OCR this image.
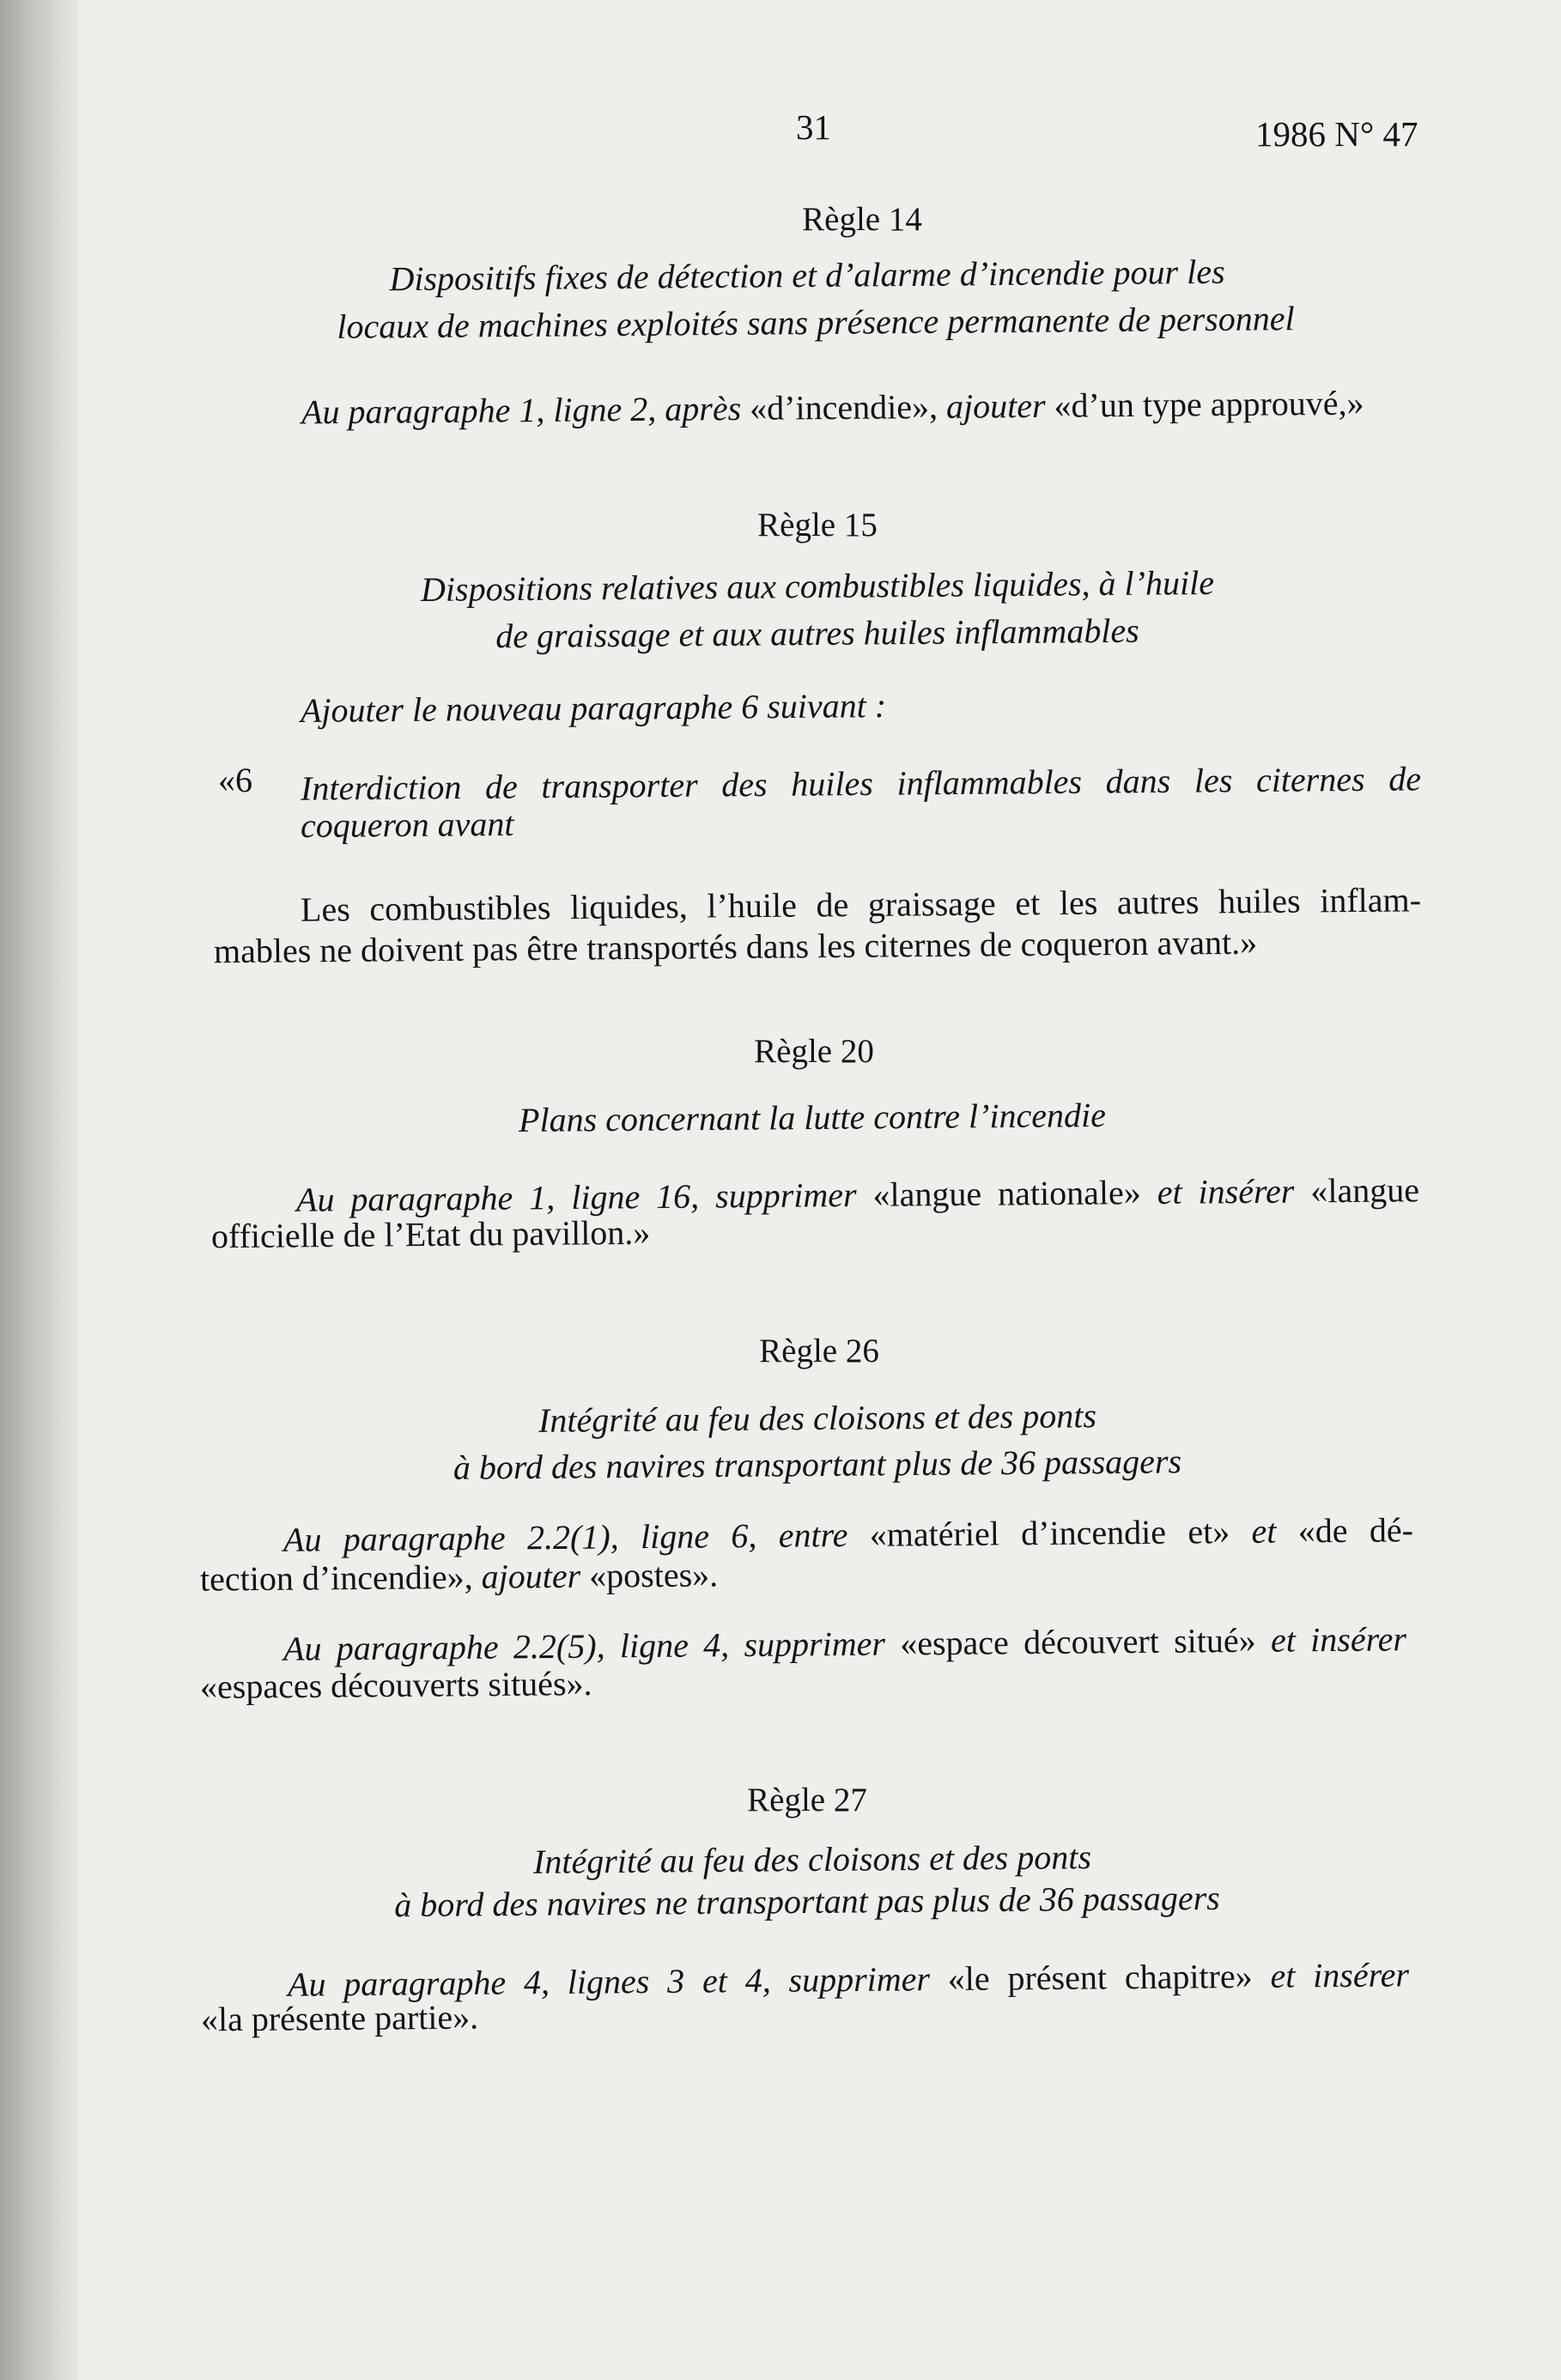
31	1986 N° 47
Règle 14
Dispositifs fixes de détection et d’alarme d’incendie pour les
locaux de machines exploités sans présence permanente de personnel
Au paragraphe 1, ligne 2, après «d’incendie», ajouter «d’un type approuvé,»
Règle 15
Dispositions relatives aux combustibles liquides, à l’huile
de graissage et aux autres huiles inflammables
Ajouter le nouveau paragraphe 6 suivant :
«6 Interdiction de transporter des huiles inflammables dans les citernes de
coqueron avant
Les combustibles liquides, l’huile de graissage et les autres huiles inflam-
mables ne doivent pas être transportés dans les citernes de coqueron avant.»
Règle 20
Plans concernant la lutte contre l’incendie
Au paragraphe 1, ligne 16, supprimer «langue nationale» et insérer «langue
officielle de l’Etat du pavillon.»
Règle 26
Intégrité au feu des cloisons et des ponts
à bord des navires transportant plus de 36 passagers
Au paragraphe 2.2(1), ligne 6, entre «matériel d’incendie et» et «de dé-
tection d’incendie», ajouter «postes».
Au paragraphe 2.2(5), ligne 4, supprimer «espace découvert situé» et insérer
«espaces découverts situés».
Règle 27
Intégrité au feu des cloisons et des ponts
à bord des navires ne transportant pas plus de 36 passagers
Au paragraphe 4, lignes 3 et 4, supprimer «le présent chapitre» et insérer
«la présente partie».
